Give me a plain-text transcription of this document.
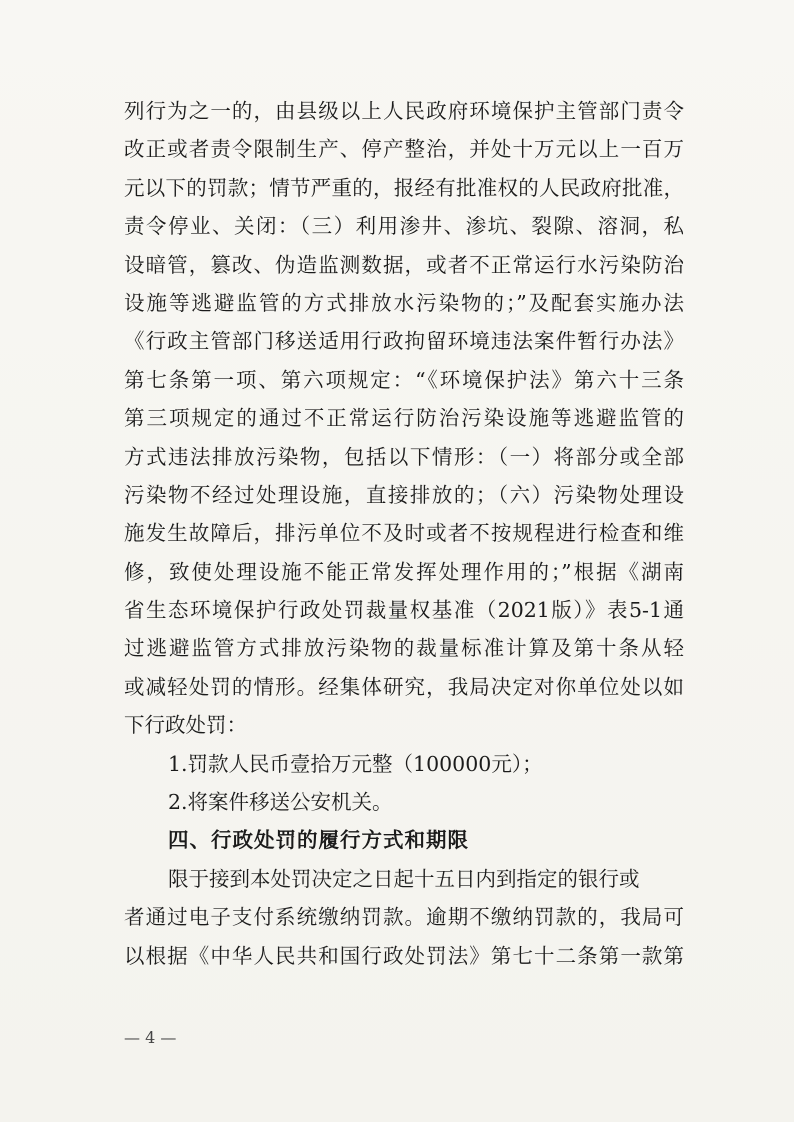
列行为之一的，由县级以上人民政府环境保护主管部门责令
改正或者责令限制生产、停产整治，并处十万元以上一百万
元以下的罚款；情节严重的，报经有批准权的人民政府批准，
责令停业、关闭：（三）利用渗井、渗坑、裂隙、溶洞，私
设暗管，篡改、伪造监测数据，或者不正常运行水污染防治
设施等逃避监管的方式排放水污染物的；”及配套实施办法
《行政主管部门移送适用行政拘留环境违法案件暂行办法》
第七条第一项、第六项规定：“《环境保护法》第六十三条
第三项规定的通过不正常运行防治污染设施等逃避监管的
方式违法排放污染物，包括以下情形：（一）将部分或全部
污染物不经过处理设施，直接排放的；（六）污染物处理设
施发生故障后，排污单位不及时或者不按规程进行检查和维
修，致使处理设施不能正常发挥处理作用的；”根据《湖南
省生态环境保护行政处罚裁量权基准（2021版）》表5-1通
过逃避监管方式排放污染物的裁量标准计算及第十条从轻
或减轻处罚的情形。经集体研究，我局决定对你单位处以如
下行政处罚：
1.罚款人民币壹拾万元整（100000元）；
2.将案件移送公安机关。
四、行政处罚的履行方式和期限
限于接到本处罚决定之日起十五日内到指定的银行或
者通过电子支付系统缴纳罚款。逾期不缴纳罚款的，我局可
以根据《中华人民共和国行政处罚法》第七十二条第一款第
— 4 —
